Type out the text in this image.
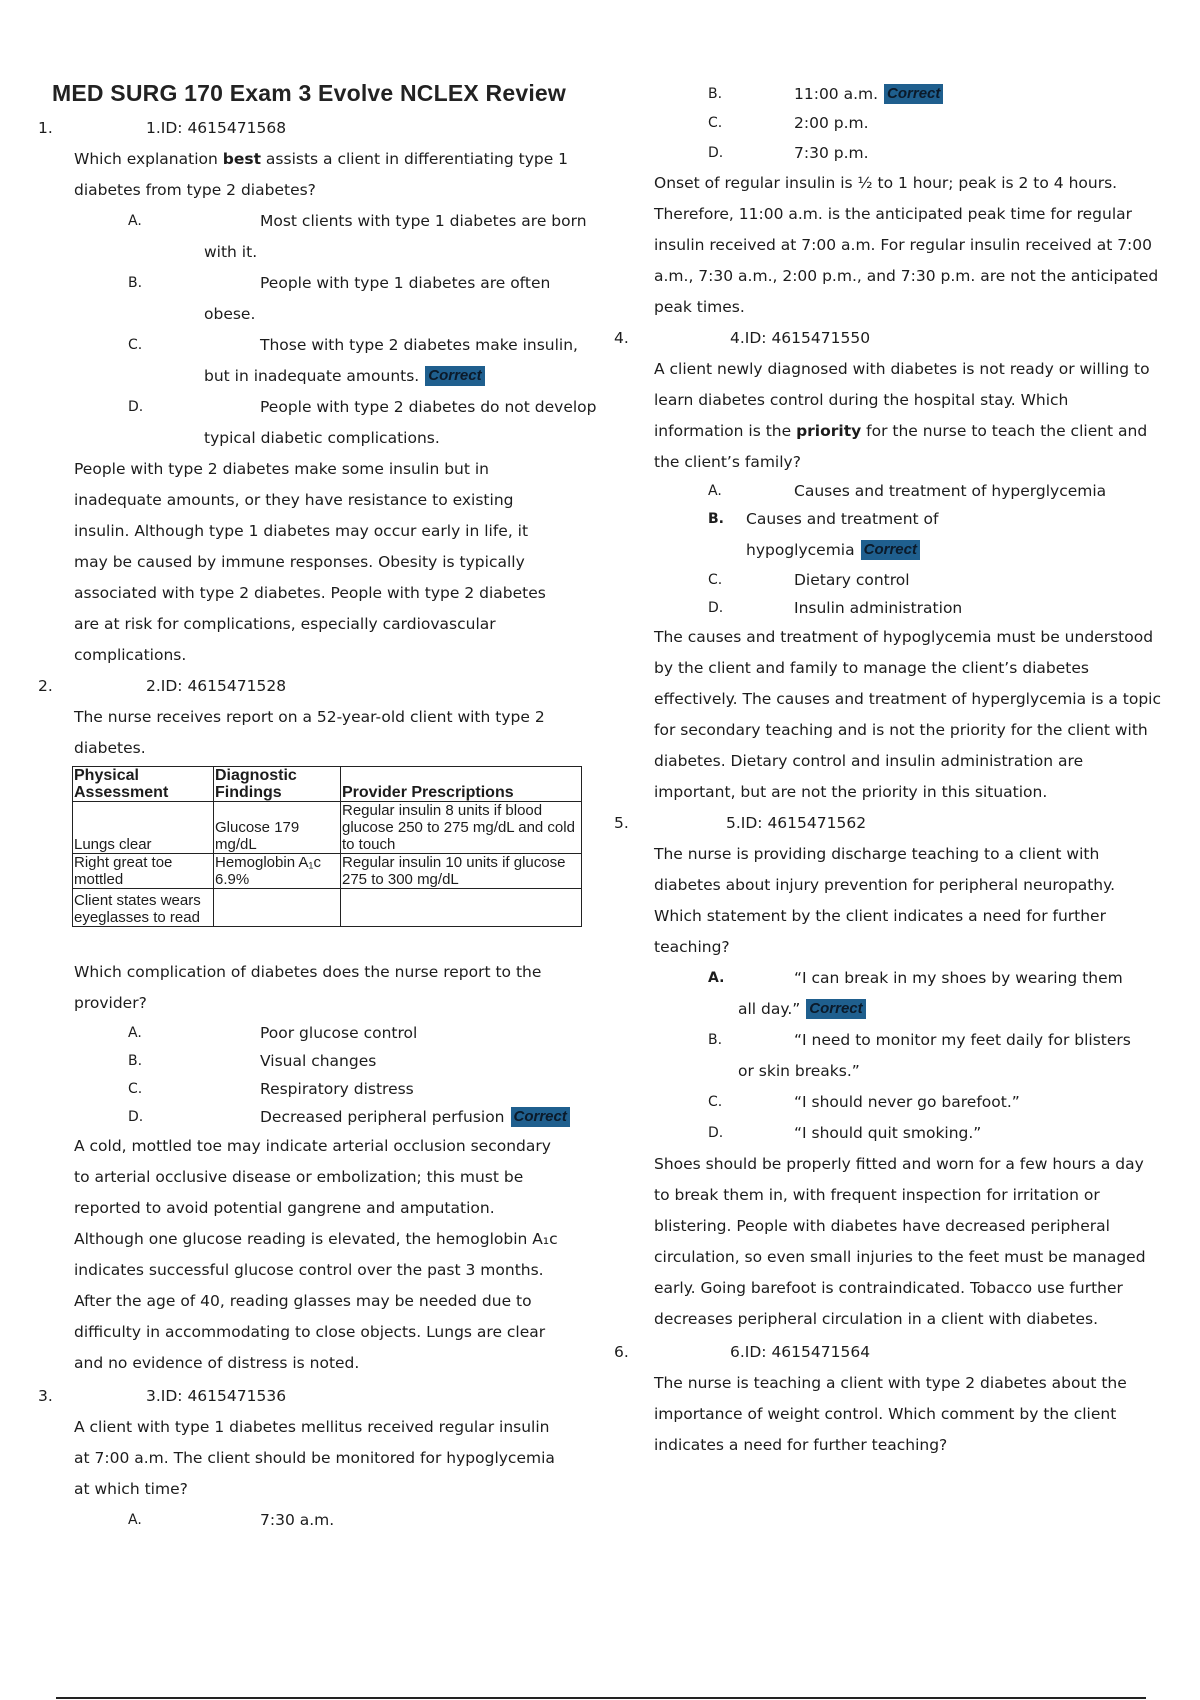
MED SURG 170 Exam 3 Evolve NCLEX Review
1.	1.ID: 4615471568
Which explanation best assists a client in differentiating type 1 diabetes from type 2 diabetes?
A.	Most clients with type 1 diabetes are born
with it.
B.	People with type 1 diabetes are often
obese.
C.	Those with type 2 diabetes make insulin,
but in inadequate amounts. Correct
D.	People with type 2 diabetes do not develop
typical diabetic complications.
People with type 2 diabetes make some insulin but in inadequate amounts, or they have resistance to existing insulin. Although type 1 diabetes may occur early in life, it may be caused by immune responses. Obesity is typically associated with type 2 diabetes. People with type 2 diabetes are at risk for complications, especially cardiovascular complications.
2.	2.ID: 4615471528
The nurse receives report on a 52-year-old client with type 2 diabetes.
Physical Assessment	Diagnostic Findings	Provider Prescriptions
Lungs clear	Glucose 179 mg/dL	Regular insulin 8 units if blood glucose 250 to 275 mg/dL and cold to touch
Right great toe mottled	Hemoglobin A₁c 6.9%	Regular insulin 10 units if glucose 275 to 300 mg/dL
Client states wears eyeglasses to read		
Which complication of diabetes does the nurse report to the provider?
A.	Poor glucose control
B.	Visual changes
C.	Respiratory distress
D.	Decreased peripheral perfusion Correct
A cold, mottled toe may indicate arterial occlusion secondary to arterial occlusive disease or embolization; this must be reported to avoid potential gangrene and amputation. Although one glucose reading is elevated, the hemoglobin A₁c indicates successful glucose control over the past 3 months. After the age of 40, reading glasses may be needed due to difficulty in accommodating to close objects. Lungs are clear and no evidence of distress is noted.
3.	3.ID: 4615471536
A client with type 1 diabetes mellitus received regular insulin at 7:00 a.m. The client should be monitored for hypoglycemia at which time?
A.	7:30 a.m.
B.	11:00 a.m. Correct
C.	2:00 p.m.
D.	7:30 p.m.
Onset of regular insulin is ½ to 1 hour; peak is 2 to 4 hours. Therefore, 11:00 a.m. is the anticipated peak time for regular insulin received at 7:00 a.m. For regular insulin received at 7:00 a.m., 7:30 a.m., 2:00 p.m., and 7:30 p.m. are not the anticipated peak times.
4.	4.ID: 4615471550
A client newly diagnosed with diabetes is not ready or willing to learn diabetes control during the hospital stay. Which information is the priority for the nurse to teach the client and the client’s family?
A.	Causes and treatment of hyperglycemia
B. Causes and treatment of
hypoglycemia Correct
C.	Dietary control
D.	Insulin administration
The causes and treatment of hypoglycemia must be understood by the client and family to manage the client’s diabetes effectively. The causes and treatment of hyperglycemia is a topic for secondary teaching and is not the priority for the client with diabetes. Dietary control and insulin administration are important, but are not the priority in this situation.
5.	5.ID: 4615471562
The nurse is providing discharge teaching to a client with diabetes about injury prevention for peripheral neuropathy. Which statement by the client indicates a need for further teaching?
A.	“I can break in my shoes by wearing them
all day.” Correct
B.	“I need to monitor my feet daily for blisters
or skin breaks.”
C.	“I should never go barefoot.”
D.	“I should quit smoking.”
Shoes should be properly fitted and worn for a few hours a day to break them in, with frequent inspection for irritation or blistering. People with diabetes have decreased peripheral circulation, so even small injuries to the feet must be managed early. Going barefoot is contraindicated. Tobacco use further decreases peripheral circulation in a client with diabetes.
6.	6.ID: 4615471564
The nurse is teaching a client with type 2 diabetes about the importance of weight control. Which comment by the client indicates a need for further teaching?
